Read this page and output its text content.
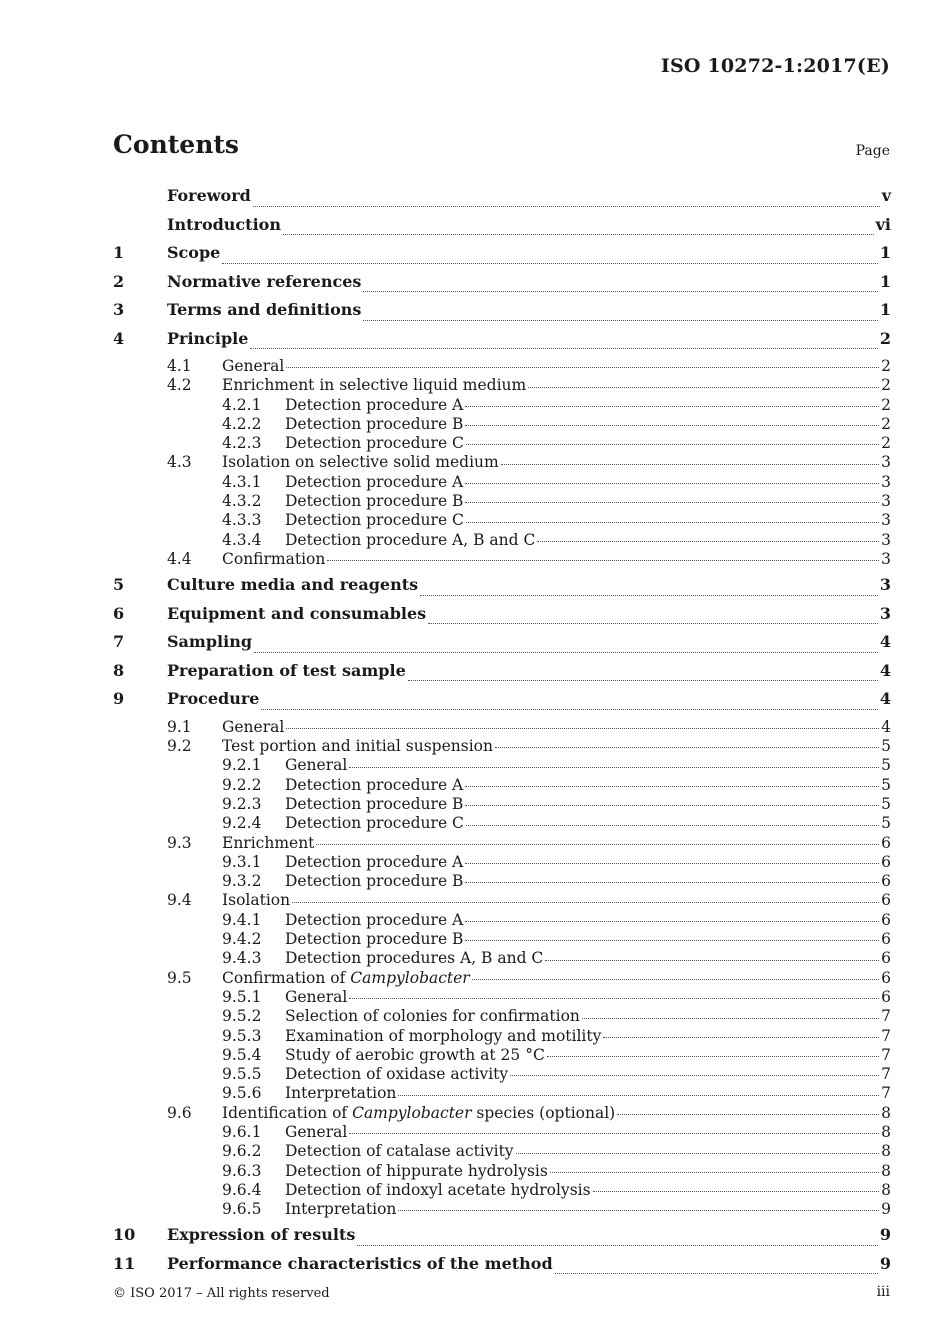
ISO 10272-1:2017(E)
Contents	Page
Foreword	v
Introduction	vi
1	Scope	1
2	Normative references	1
3	Terms and definitions	1
4	Principle	2
4.1	General	2
4.2	Enrichment in selective liquid medium	2
4.2.1	Detection procedure A	2
4.2.2	Detection procedure B	2
4.2.3	Detection procedure C	2
4.3	Isolation on selective solid medium	3
4.3.1	Detection procedure A	3
4.3.2	Detection procedure B	3
4.3.3	Detection procedure C	3
4.3.4	Detection procedure A, B and C	3
4.4	Confirmation	3
5	Culture media and reagents	3
6	Equipment and consumables	3
7	Sampling	4
8	Preparation of test sample	4
9	Procedure	4
9.1	General	4
9.2	Test portion and initial suspension	5
9.2.1	General	5
9.2.2	Detection procedure A	5
9.2.3	Detection procedure B	5
9.2.4	Detection procedure C	5
9.3	Enrichment	6
9.3.1	Detection procedure A	6
9.3.2	Detection procedure B	6
9.4	Isolation	6
9.4.1	Detection procedure A	6
9.4.2	Detection procedure B	6
9.4.3	Detection procedures A, B and C	6
9.5	Confirmation of Campylobacter	6
9.5.1	General	6
9.5.2	Selection of colonies for confirmation	7
9.5.3	Examination of morphology and motility	7
9.5.4	Study of aerobic growth at 25 °C	7
9.5.5	Detection of oxidase activity	7
9.5.6	Interpretation	7
9.6	Identification of Campylobacter species (optional)	8
9.6.1	General	8
9.6.2	Detection of catalase activity	8
9.6.3	Detection of hippurate hydrolysis	8
9.6.4	Detection of indoxyl acetate hydrolysis	8
9.6.5	Interpretation	9
10	Expression of results	9
11	Performance characteristics of the method	9
© ISO 2017 – All rights reserved	iii
